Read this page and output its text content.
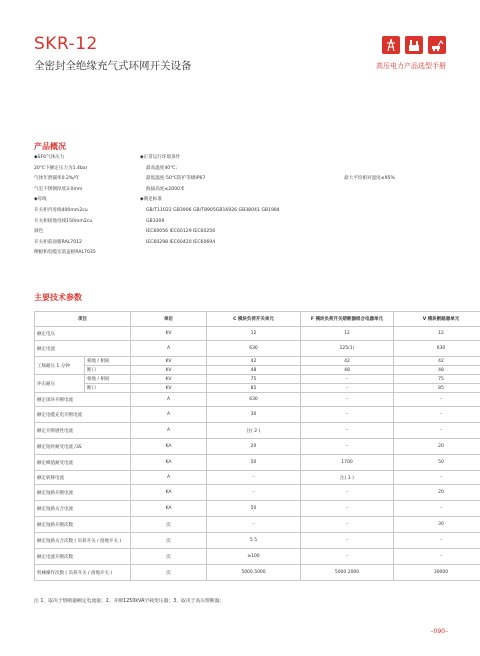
SKR-12
全密封全绝缘充气式环网开关设备	高压电力产品选型手册
产品概况
◆SF6气体压力
20℃下额定压力为1.4bar
气体年泄漏率0.2%/年
气室不锈钢厚度3.0mm
◆母线
开关柜内母线400mm2cu
开关柜接地母线150mm2cu
颜色
开关柜前面板RAL7012
侧板和电缆室前盖板RAL7035
◆正常运行环境条件
最高温度40℃；
最低温度-50℃防护等级IP67
海拔高度≤2000米
◆满足标准
GB/T11022 GB3906 GB/T8905GB16926 GB38041 GB1984
GB3309
IEC60056 IEC60129 IEC60256
IEC60298 IEC60420 IEC60694
最大平均相对湿度≤95%
主要技术参数
项目		单位	C 模块负荷开关单元	F 模块负荷开关熔断器组合电器单元	V 模块断路器单元
额定电压		KV	12	12	12
额定电流		A	630	125(1)	630
工频耐压 1 分钟	相地 / 相间	KV	42	42	42
	断口	KV	48	48	48
冲击耐压	相地 / 相间	KV	75	–	75
	断口	KV	85	–	85
额定闭环开断电流		A	630	–	–
额定电缆充电开断电流		A	30	–	–
额定开断感性电流		A	注( 2 )	–	–
额定短时耐受电流 /3S		KA	20	–	20
额定峰值耐受电流		KA	50	1700	50
额定转移电流		A	–	注( 3 )	–
额定短路开断电流		KA	–	–	20
额定短路关合电流		KA	50	–	–
额定短路开断次数		次	–	–	30
额定短路关合次数 ( 负荷开关 / 接地开关 )		次	5.5	–	–
额定电流开断次数		次	≥100	–	–
机械操作次数 ( 负荷开关 / 接地开关 )		次	5000.5000	5000.2000	30000
注 1、取决于熔断器额定电流值；2、开断1250kVA空载变压器；3、取决于高压熔断器；
–090–
